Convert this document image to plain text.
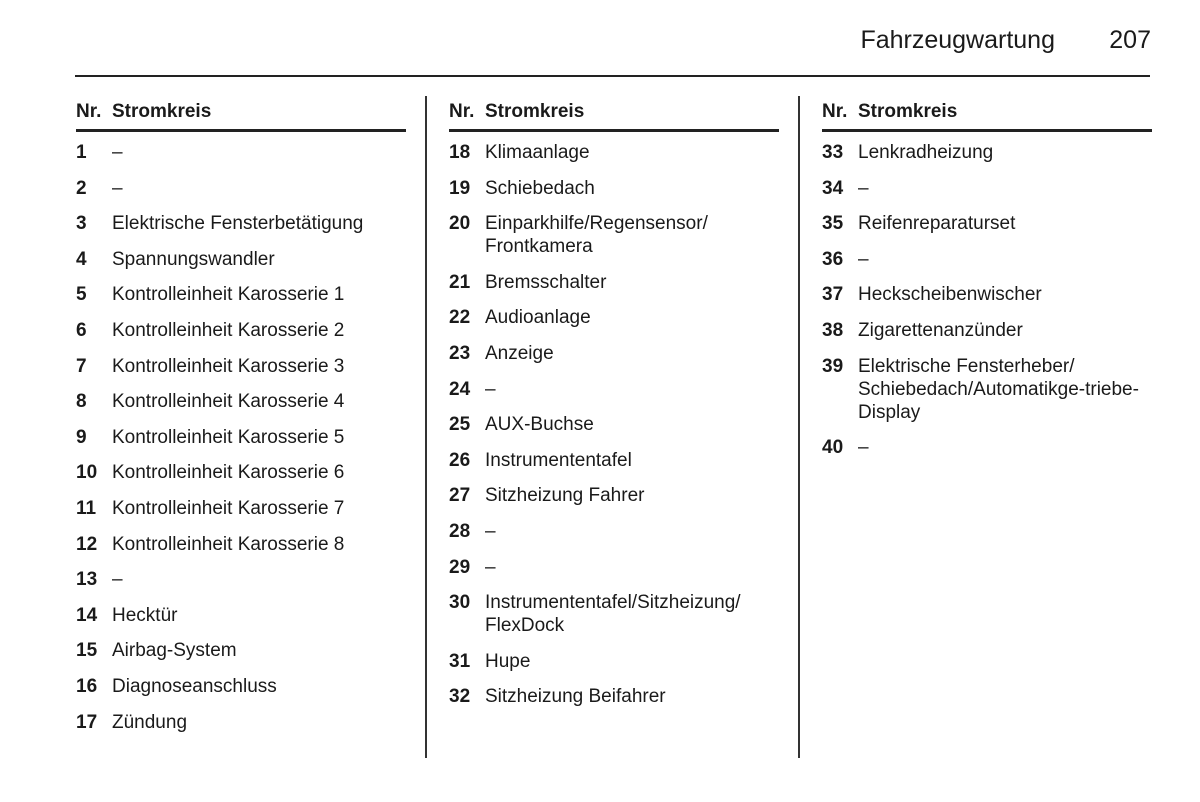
Fahrzeugwartung 207
Nr. Stromkreis
1	–
2	–
3	Elektrische Fensterbetätigung
4	Spannungswandler
5	Kontrolleinheit Karosserie 1
6	Kontrolleinheit Karosserie 2
7	Kontrolleinheit Karosserie 3
8	Kontrolleinheit Karosserie 4
9	Kontrolleinheit Karosserie 5
10 Kontrolleinheit Karosserie 6
11 Kontrolleinheit Karosserie 7
12 Kontrolleinheit Karosserie 8
13 –
14 Hecktür
15 Airbag-System
16 Diagnoseanschluss
17 Zündung
Nr. Stromkreis
18 Klimaanlage
19 Schiebedach
20 Einparkhilfe/Regensensor/ Frontkamera
21 Bremsschalter
22 Audioanlage
23 Anzeige
24 –
25 AUX-Buchse
26 Instrumententafel
27 Sitzheizung Fahrer
28 –
29 –
30 Instrumententafel/Sitzheizung/ FlexDock
31 Hupe
32 Sitzheizung Beifahrer
Nr. Stromkreis
33 Lenkradheizung
34 –
35 Reifenreparaturset
36 –
37 Heckscheibenwischer
38 Zigarettenanzünder
39 Elektrische Fensterheber/ Schiebedach/Automatikge-triebe-Display
40 –
